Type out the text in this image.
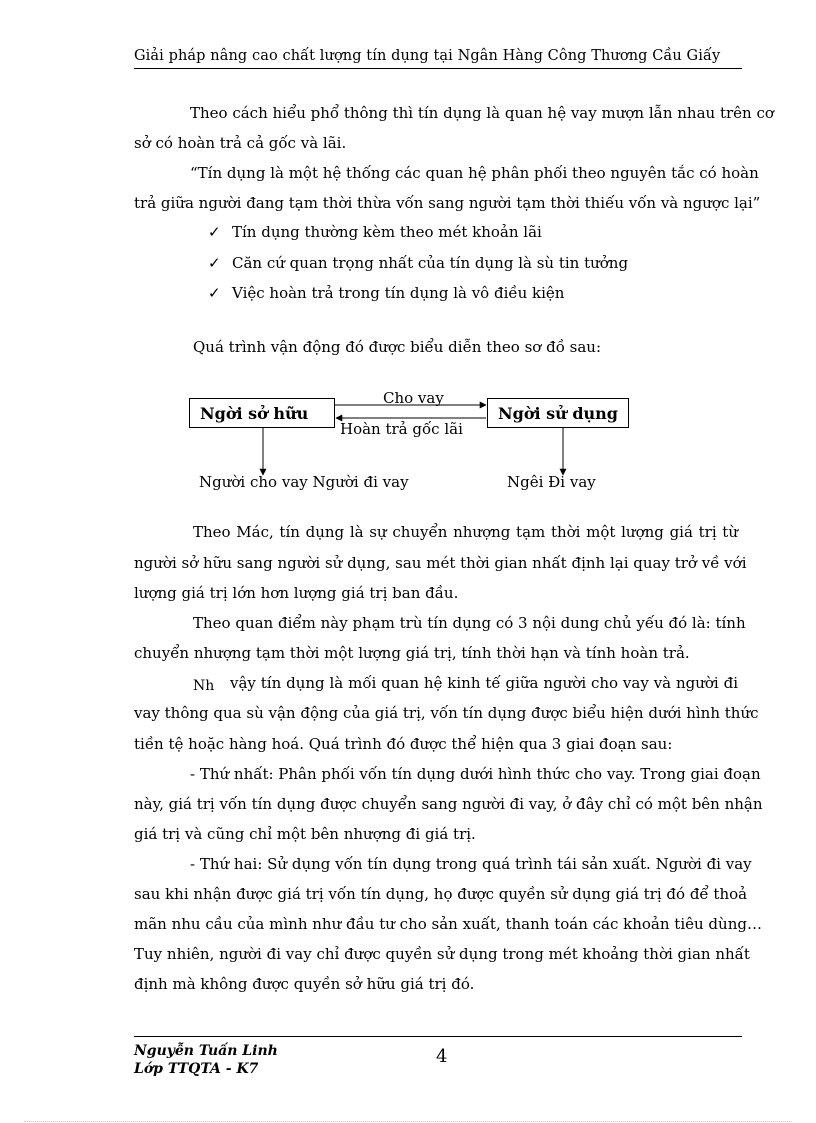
Giải pháp nâng cao chất lượng tín dụng tại Ngân Hàng Công Thương Cầu Giấy
Theo cách hiểu phổ thông thì tín dụng là quan hệ vay mượn lẫn nhau trên cơ
sở có hoàn trả cả gốc và lãi.
“Tín dụng là một hệ thống các quan hệ phân phối theo nguyên tắc có hoàn
trả giữa người đang tạm thời thừa vốn sang người tạm thời thiếu vốn và ngược lại”
✓ Tín dụng thường kèm theo mét khoản lãi
✓ Căn cứ quan trọng nhất của tín dụng là sù tin tưởng
✓ Việc hoàn trả trong tín dụng là vô điều kiện
Quá trình vận động đó được biểu diễn theo sơ đồ sau:
Ngời sở hữu	Ngời sử dụng
Cho vay
Hoàn trả gốc lãi
Người cho vay Người đi vay	Ngêi Đi vay
Theo Mác, tín dụng là sự chuyển nhượng tạm thời một lượng giá trị từ
người sở hữu sang người sử dụng, sau mét thời gian nhất định lại quay trở về với
lượng giá trị lớn hơn lượng giá trị ban đầu.
Theo quan điểm này phạm trù tín dụng có 3 nội dung chủ yếu đó là: tính
chuyển nhượng tạm thời một lượng giá trị, tính thời hạn và tính hoàn trả.
Nh vậy tín dụng là mối quan hệ kinh tế giữa người cho vay và người đi
vay thông qua sù vận động của giá trị, vốn tín dụng được biểu hiện dưới hình thức
tiền tệ hoặc hàng hoá. Quá trình đó được thể hiện qua 3 giai đoạn sau:
- Thứ nhất: Phân phối vốn tín dụng dưới hình thức cho vay. Trong giai đoạn
này, giá trị vốn tín dụng được chuyển sang người đi vay, ở đây chỉ có một bên nhận
giá trị và cũng chỉ một bên nhượng đi giá trị.
- Thứ hai: Sử dụng vốn tín dụng trong quá trình tái sản xuất. Người đi vay
sau khi nhận được giá trị vốn tín dụng, họ được quyền sử dụng giá trị đó để thoả
mãn nhu cầu của mình như đầu tư cho sản xuất, thanh toán các khoản tiêu dùng…
Tuy nhiên, người đi vay chỉ được quyền sử dụng trong mét khoảng thời gian nhất
định mà không được quyền sở hữu giá trị đó.
Nguyễn Tuấn Linh
Lớp TTQTA - K7
4
